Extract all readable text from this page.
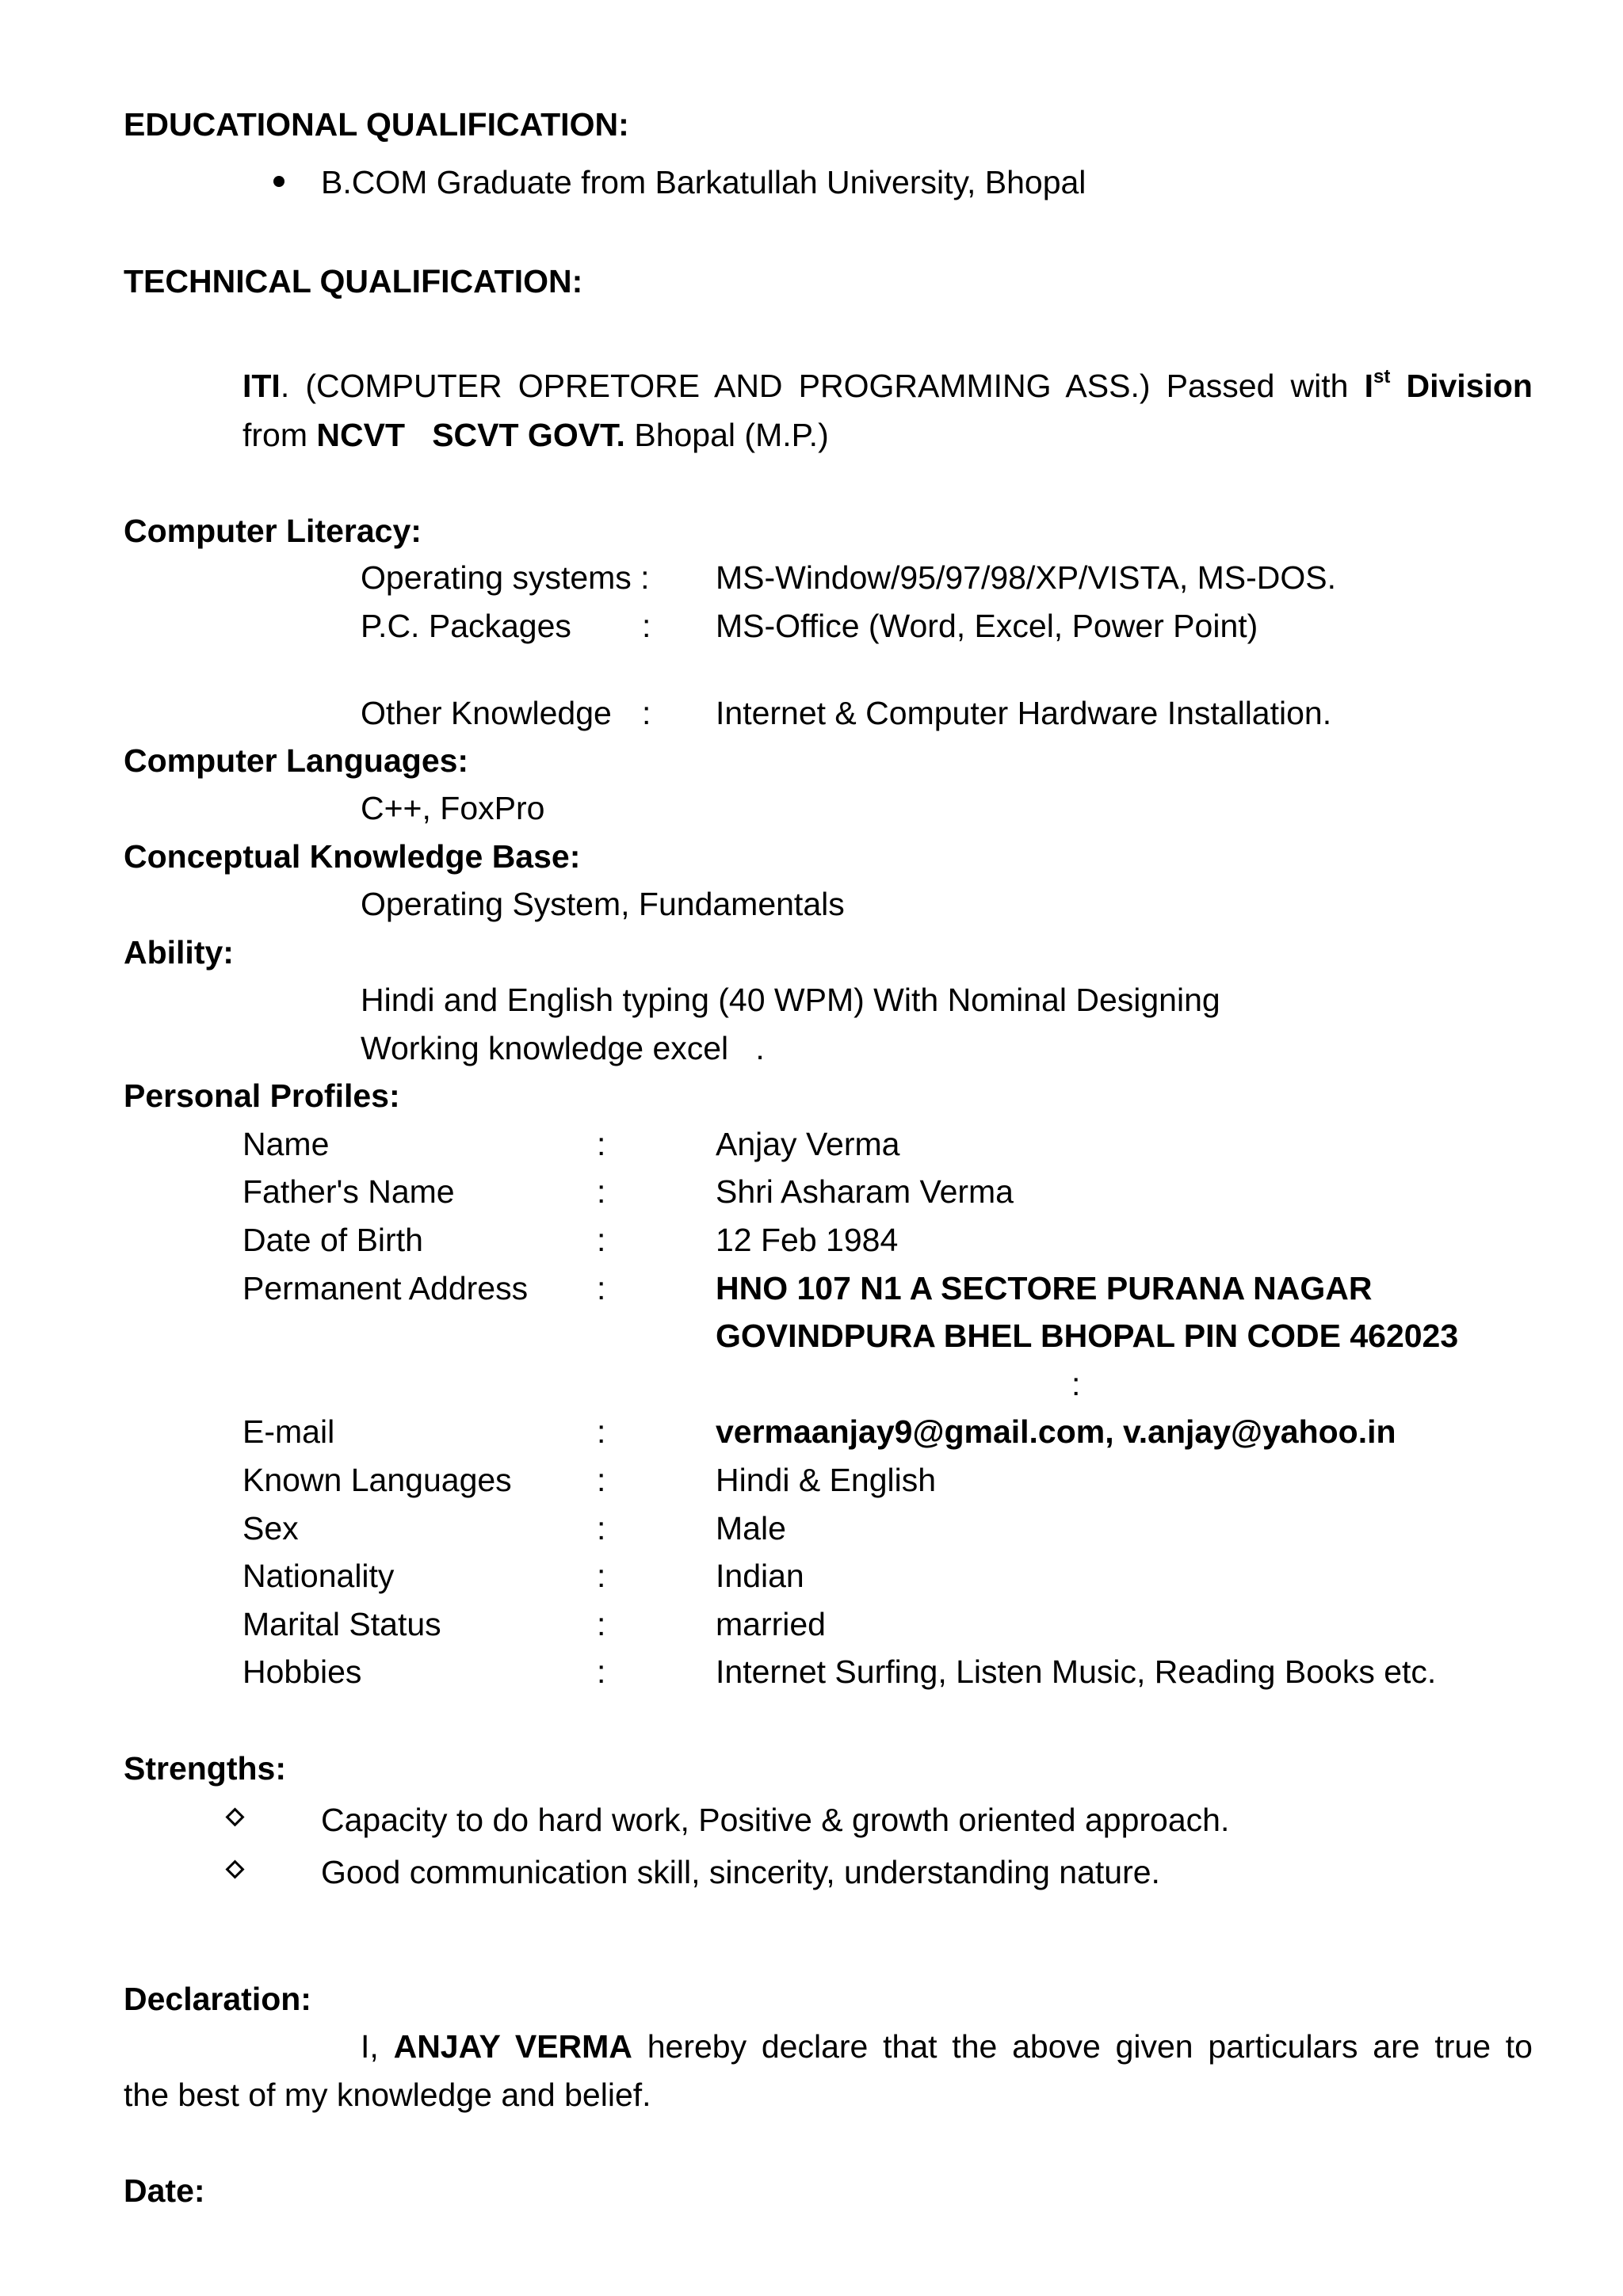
EDUCATIONAL QUALIFICATION:
B.COM Graduate from Barkatullah University, Bhopal
TECHNICAL QUALIFICATION:
ITI. (COMPUTER OPRETORE AND PROGRAMMING ASS.) Passed with Ist Division
from NCVT   SCVT GOVT. Bhopal (M.P.)
Computer Literacy:
Operating systems : MS-Window/95/97/98/XP/VISTA, MS-DOS.
P.C. Packages : MS-Office (Word, Excel, Power Point)
Other Knowledge : Internet & Computer Hardware Installation.
Computer Languages:
C++, FoxPro
Conceptual Knowledge Base:
Operating System, Fundamentals
Ability:
Hindi and English typing (40 WPM) With Nominal Designing
Working knowledge excel   .
Personal Profiles:
Name	:	Anjay Verma
Father's Name	:	Shri Asharam Verma
Date of Birth	:	12 Feb 1984
Permanent Address :	HNO 107 N1 A SECTORE PURANA NAGAR
GOVINDPURA BHEL BHOPAL PIN CODE 462023
:
E-mail	:	vermaanjay9@gmail.com, v.anjay@yahoo.in
Known Languages	:	Hindi & English
Sex	:	Male
Nationality	:	Indian
Marital Status	:	married
Hobbies	:	Internet Surfing, Listen Music, Reading Books etc.
Strengths:
Capacity to do hard work, Positive & growth oriented approach.
Good communication skill, sincerity, understanding nature.
Declaration:
I, ANJAY VERMA hereby declare that the above given particulars are true to
the best of my knowledge and belief.
Date:
